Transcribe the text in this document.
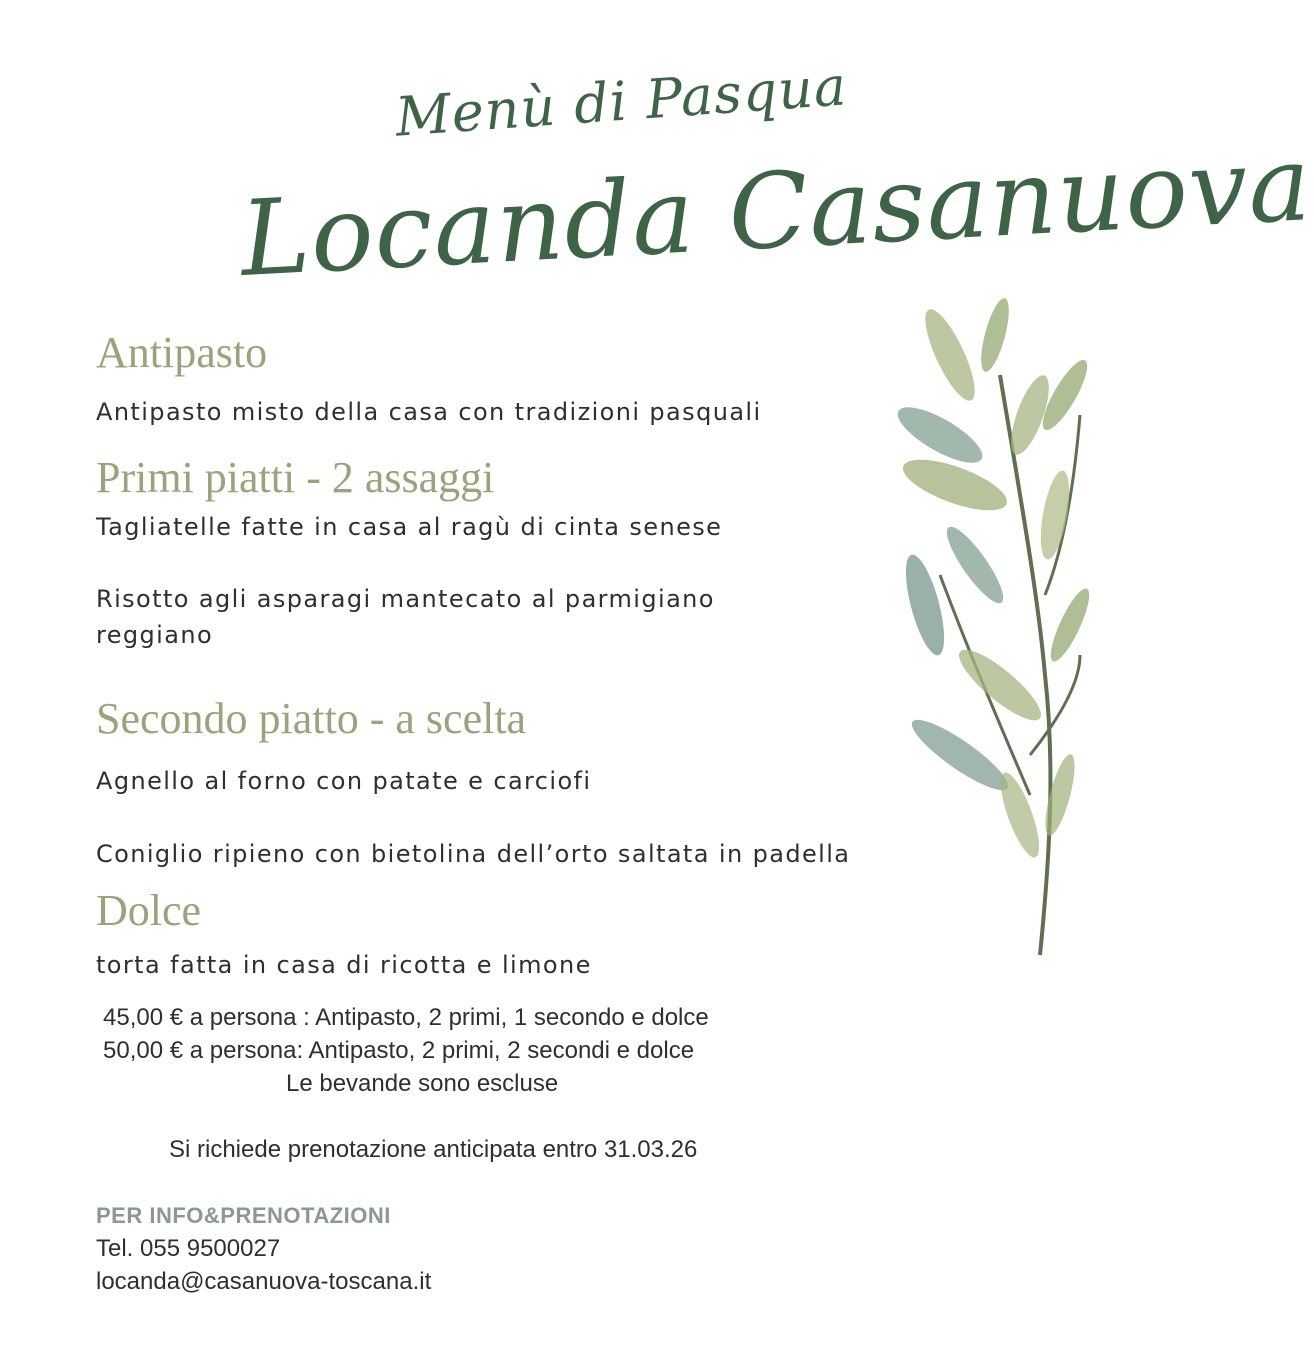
Menù di Pasqua
Locanda Casanuova
Antipasto
Antipasto misto della casa con tradizioni pasquali
Primi piatti - 2 assaggi
Tagliatelle fatte in casa al ragù di cinta senese
Risotto agli asparagi mantecato al parmigiano reggiano
Secondo piatto - a scelta
Agnello al forno con patate e carciofi
Coniglio ripieno con bietolina dell’orto saltata in padella
Dolce
torta fatta in casa di ricotta e limone
45,00 € a persona : Antipasto, 2 primi, 1 secondo e dolce
50,00 € a persona: Antipasto, 2 primi, 2 secondi e dolce
Le bevande sono escluse
Si richiede prenotazione anticipata entro 31.03.26
PER INFO&PRENOTAZIONI
Tel. 055 9500027
locanda@casanuova-toscana.it
